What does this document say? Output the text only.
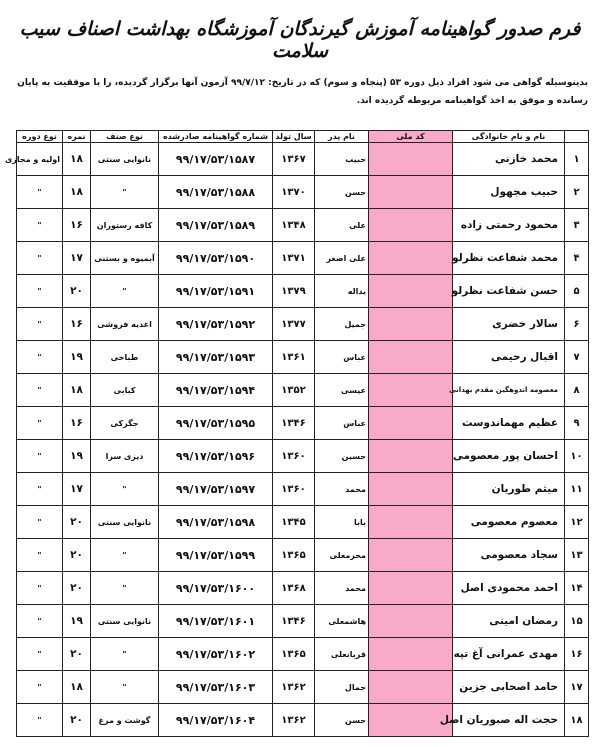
فرم صدور گواهینامه آموزش گیرندگان آموزشگاه بهداشت اصناف سیب سلامت
بدینوسیله گواهی می شود افراد ذیل دوره ۵۳ (پنجاه و سوم) که در تاریخ: ۹۹/۷/۱۲ آزمون آنها برگزار گردیده، را با موفقیت به پایان رسانده و موفق به اخذ گواهینامه مربوطه گردیده اند.
	نام و نام خانوادگی	کد ملی	نام پدر	سال تولد	شماره گواهینامه صادرشده	نوع صنف	نمره	نوع دوره
۱	محمد خازنی		حبیب	۱۳۶۷	۹۹/۱۷/۵۳/۱۵۸۷	نانوایی سنتی	۱۸	اولیه و مجازی
۲	حبیب مجهول		حسن	۱۳۷۰	۹۹/۱۷/۵۳/۱۵۸۸	"	۱۸	"
۳	محمود رحمتی زاده		علی	۱۳۴۸	۹۹/۱۷/۵۳/۱۵۸۹	کافه رستوران	۱۶	"
۴	محمد شفاعت نظرلو		علی اصغر	۱۳۷۱	۹۹/۱۷/۵۳/۱۵۹۰	آبمیوه و بستنی	۱۷	"
۵	حسن شفاعت نظرلو		یداله	۱۳۷۹	۹۹/۱۷/۵۳/۱۵۹۱	"	۲۰	"
۶	سالار خضری		جمیل	۱۳۷۷	۹۹/۱۷/۵۳/۱۵۹۲	اغذیه فروشی	۱۶	"
۷	اقبال رحیمی		عباس	۱۳۶۱	۹۹/۱۷/۵۳/۱۵۹۳	طباخی	۱۹	"
۸	معصومه اندوهگین مقدم بهدانی		عیسی	۱۳۵۲	۹۹/۱۷/۵۳/۱۵۹۴	کبابی	۱۸	"
۹	عظیم مهماندوست		عباس	۱۳۴۶	۹۹/۱۷/۵۳/۱۵۹۵	جگرکی	۱۶	"
۱۰	احسان پور معصومی		حسین	۱۳۶۰	۹۹/۱۷/۵۳/۱۵۹۶	دیزی سرا	۱۹	"
۱۱	میثم طوریان		محمد	۱۳۶۰	۹۹/۱۷/۵۳/۱۵۹۷	"	۱۷	"
۱۲	معصوم معصومی		بابا	۱۳۴۵	۹۹/۱۷/۵۳/۱۵۹۸	نانوایی سنتی	۲۰	"
۱۳	سجاد معصومی		محرمعلی	۱۳۶۵	۹۹/۱۷/۵۳/۱۵۹۹	"	۲۰	"
۱۴	احمد محمودی اصل		محمد	۱۳۶۸	۹۹/۱۷/۵۳/۱۶۰۰	"	۲۰	"
۱۵	رمضان امینی		هاشمعلی	۱۳۴۶	۹۹/۱۷/۵۳/۱۶۰۱	نانوایی سنتی	۱۹	"
۱۶	مهدی عمرانی آغ تپه		قربانعلی	۱۳۶۵	۹۹/۱۷/۵۳/۱۶۰۲	"	۲۰	"
۱۷	حامد اصحابی جزین		جمال	۱۳۶۲	۹۹/۱۷/۵۳/۱۶۰۳	"	۱۸	"
۱۸	حجت اله صبوریان اصل		حسن	۱۳۶۲	۹۹/۱۷/۵۳/۱۶۰۴	گوشت و مرغ	۲۰	"
